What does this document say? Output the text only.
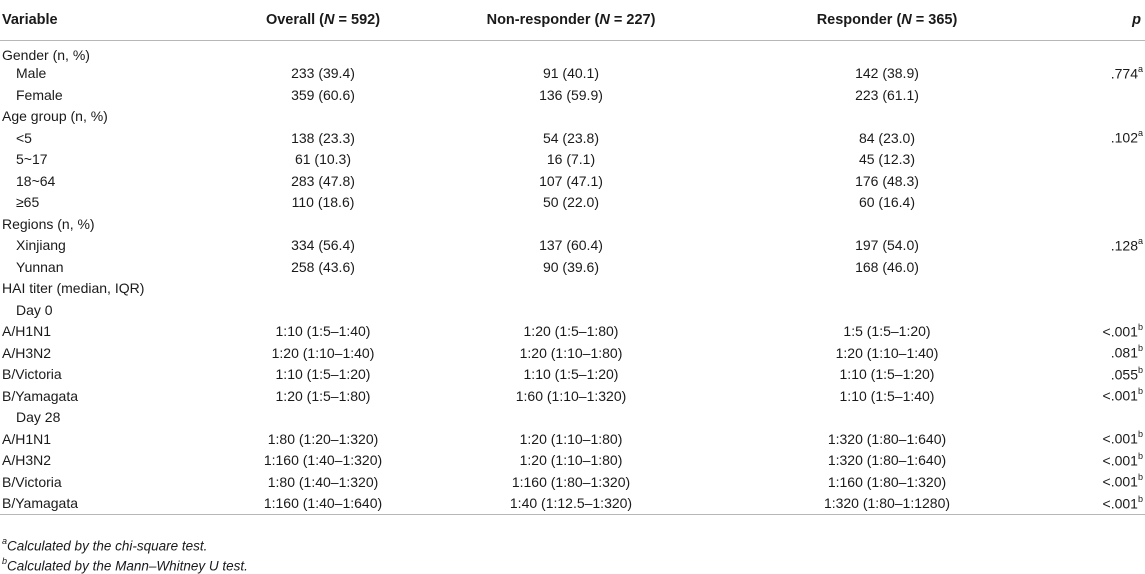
Variable	Overall (N = 592)	Non-responder (N = 227)	Responder (N = 365)	p
Gender (n, %)				
Male	233 (39.4)	91 (40.1)	142 (38.9)	.774$^a$
Female	359 (60.6)	136 (59.9)	223 (61.1)	
Age group (n, %)				
<5	138 (23.3)	54 (23.8)	84 (23.0)	.102$^a$
5~17	61 (10.3)	16 (7.1)	45 (12.3)	
18~64	283 (47.8)	107 (47.1)	176 (48.3)	
≥65	110 (18.6)	50 (22.0)	60 (16.4)	
Regions (n, %)				
Xinjiang	334 (56.4)	137 (60.4)	197 (54.0)	.128$^a$
Yunnan	258 (43.6)	90 (39.6)	168 (46.0)	
HAI titer (median, IQR)				
Day 0				
A/H1N1	1:10 (1:5–1:40)	1:20 (1:5–1:80)	1:5 (1:5–1:20)	<.001$^b$
A/H3N2	1:20 (1:10–1:40)	1:20 (1:10–1:80)	1:20 (1:10–1:40)	.081$^b$
B/Victoria	1:10 (1:5–1:20)	1:10 (1:5–1:20)	1:10 (1:5–1:20)	.055$^b$
B/Yamagata	1:20 (1:5–1:80)	1:60 (1:10–1:320)	1:10 (1:5–1:40)	<.001$^b$
Day 28				
A/H1N1	1:80 (1:20–1:320)	1:20 (1:10–1:80)	1:320 (1:80–1:640)	<.001$^b$
A/H3N2	1:160 (1:40–1:320)	1:20 (1:10–1:80)	1:320 (1:80–1:640)	<.001$^b$
B/Victoria	1:80 (1:40–1:320)	1:160 (1:80–1:320)	1:160 (1:80–1:320)	<.001$^b$
B/Yamagata	1:160 (1:40–1:640)	1:40 (1:12.5–1:320)	1:320 (1:80–1:1280)	<.001$^b$
$^a$Calculated by the chi-square test.
$^b$Calculated by the Mann–Whitney U test.
